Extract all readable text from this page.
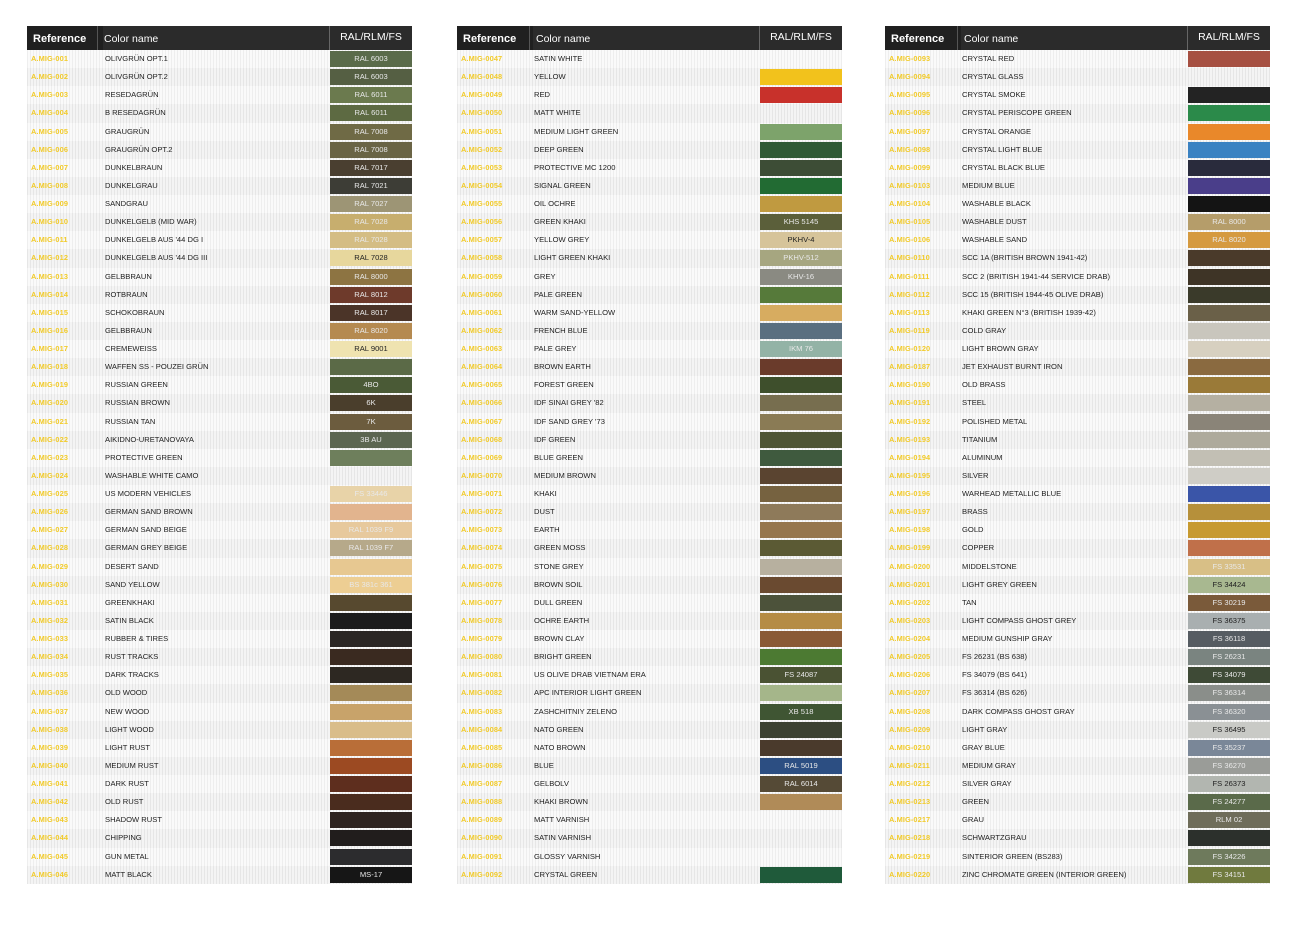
Reference	Color name	RAL/RLM/FS
A.MIG-001	OLIVGRÜN OPT.1	RAL 6003
A.MIG-002	OLIVGRÜN OPT.2	RAL 6003
A.MIG-003	RESEDAGRÜN	RAL 6011
A.MIG-004	B RESEDAGRÜN	RAL 6011
A.MIG-005	GRAUGRÜN	RAL 7008
A.MIG-006	GRAUGRÜN OPT.2	RAL 7008
A.MIG-007	DUNKELBRAUN	RAL 7017
A.MIG-008	DUNKELGRAU	RAL 7021
A.MIG-009	SANDGRAU	RAL 7027
A.MIG-010	DUNKELGELB (MID WAR)	RAL 7028
A.MIG-011	DUNKELGELB AUS '44 DG I	RAL 7028
A.MIG-012	DUNKELGELB AUS '44 DG III	RAL 7028
A.MIG-013	GELBBRAUN	RAL 8000
A.MIG-014	ROTBRAUN	RAL 8012
A.MIG-015	SCHOKOBRAUN	RAL 8017
A.MIG-016	GELBBRAUN	RAL 8020
A.MIG-017	CREMEWEISS	RAL 9001
A.MIG-018	WAFFEN SS - POUZEI GRÜN
A.MIG-019	RUSSIAN GREEN	4BO
A.MIG-020	RUSSIAN BROWN	6K
A.MIG-021	RUSSIAN TAN	7K
A.MIG-022	AIKIDNO-URETANOVAYA	3B AU
A.MIG-023	PROTECTIVE GREEN
A.MIG-024	WASHABLE WHITE CAMO
A.MIG-025	US MODERN VEHICLES	FS 33446
A.MIG-026	GERMAN SAND BROWN
A.MIG-027	GERMAN SAND BEIGE	RAL 1039 F9
A.MIG-028	GERMAN GREY BEIGE	RAL 1039 F7
A.MIG-029	DESERT SAND
A.MIG-030	SAND YELLOW	BS 381c 361
A.MIG-031	GREENKHAKI
A.MIG-032	SATIN BLACK
A.MIG-033	RUBBER & TIRES
A.MIG-034	RUST TRACKS
A.MIG-035	DARK TRACKS
A.MIG-036	OLD WOOD
A.MIG-037	NEW WOOD
A.MIG-038	LIGHT WOOD
A.MIG-039	LIGHT RUST
A.MIG-040	MEDIUM RUST
A.MIG-041	DARK RUST
A.MIG-042	OLD RUST
A.MIG-043	SHADOW RUST
A.MIG-044	CHIPPING
A.MIG-045	GUN METAL
A.MIG-046	MATT BLACK	MS-17
Reference	Color name	RAL/RLM/FS
A.MIG-0047	SATIN WHITE
A.MIG-0048	YELLOW
A.MIG-0049	RED
A.MIG-0050	MATT WHITE
A.MIG-0051	MEDIUM LIGHT GREEN
A.MIG-0052	DEEP GREEN
A.MIG-0053	PROTECTIVE MC 1200
A.MIG-0054	SIGNAL GREEN
A.MIG-0055	OIL OCHRE
A.MIG-0056	GREEN KHAKI	KHS 5145
A.MIG-0057	YELLOW GREY	PKHV-4
A.MIG-0058	LIGHT GREEN KHAKI	PKHV-512
A.MIG-0059	GREY	KHV-16
A.MIG-0060	PALE GREEN
A.MIG-0061	WARM SAND-YELLOW
A.MIG-0062	FRENCH BLUE
A.MIG-0063	PALE GREY	IKM 76
A.MIG-0064	BROWN EARTH
A.MIG-0065	FOREST GREEN
A.MIG-0066	IDF SINAI GREY '82
A.MIG-0067	IDF SAND GREY '73
A.MIG-0068	IDF GREEN
A.MIG-0069	BLUE GREEN
A.MIG-0070	MEDIUM BROWN
A.MIG-0071	KHAKI
A.MIG-0072	DUST
A.MIG-0073	EARTH
A.MIG-0074	GREEN MOSS
A.MIG-0075	STONE GREY
A.MIG-0076	BROWN SOIL
A.MIG-0077	DULL GREEN
A.MIG-0078	OCHRE EARTH
A.MIG-0079	BROWN CLAY
A.MIG-0080	BRIGHT GREEN
A.MIG-0081	US OLIVE DRAB VIETNAM ERA	FS 24087
A.MIG-0082	APC INTERIOR LIGHT GREEN
A.MIG-0083	ZASHCHITNIY ZELENO	XB 518
A.MIG-0084	NATO GREEN
A.MIG-0085	NATO BROWN
A.MIG-0086	BLUE	RAL 5019
A.MIG-0087	GELBOLV	RAL 6014
A.MIG-0088	KHAKI BROWN
A.MIG-0089	MATT VARNISH
A.MIG-0090	SATIN VARNISH
A.MIG-0091	GLOSSY VARNISH
A.MIG-0092	CRYSTAL GREEN
Reference	Color name	RAL/RLM/FS
A.MIG-0093	CRYSTAL RED
A.MIG-0094	CRYSTAL GLASS
A.MIG-0095	CRYSTAL SMOKE
A.MIG-0096	CRYSTAL PERISCOPE GREEN
A.MIG-0097	CRYSTAL ORANGE
A.MIG-0098	CRYSTAL LIGHT BLUE
A.MIG-0099	CRYSTAL BLACK BLUE
A.MIG-0103	MEDIUM BLUE
A.MIG-0104	WASHABLE BLACK
A.MIG-0105	WASHABLE DUST	RAL 8000
A.MIG-0106	WASHABLE SAND	RAL 8020
A.MIG-0110	SCC 1A (BRITISH BROWN 1941-42)
A.MIG-0111	SCC 2 (BRITISH 1941-44 SERVICE DRAB)
A.MIG-0112	SCC 15 (BRITISH 1944-45 OLIVE DRAB)
A.MIG-0113	KHAKI GREEN N°3 (BRITISH 1939-42)
A.MIG-0119	COLD GRAY
A.MIG-0120	LIGHT BROWN GRAY
A.MIG-0187	JET EXHAUST BURNT IRON
A.MIG-0190	OLD BRASS
A.MIG-0191	STEEL
A.MIG-0192	POLISHED METAL
A.MIG-0193	TITANIUM
A.MIG-0194	ALUMINUM
A.MIG-0195	SILVER
A.MIG-0196	WARHEAD METALLIC BLUE
A.MIG-0197	BRASS
A.MIG-0198	GOLD
A.MIG-0199	COPPER
A.MIG-0200	MIDDELSTONE	FS 33531
A.MIG-0201	LIGHT GREY GREEN	FS 34424
A.MIG-0202	TAN	FS 30219
A.MIG-0203	LIGHT COMPASS GHOST GREY	FS 36375
A.MIG-0204	MEDIUM GUNSHIP GRAY	FS 36118
A.MIG-0205	FS 26231 (BS 638)	FS 26231
A.MIG-0206	FS 34079 (BS 641)	FS 34079
A.MIG-0207	FS 36314 (BS 626)	FS 36314
A.MIG-0208	DARK COMPASS GHOST GRAY	FS 36320
A.MIG-0209	LIGHT GRAY	FS 36495
A.MIG-0210	GRAY BLUE	FS 35237
A.MIG-0211	MEDIUM GRAY	FS 36270
A.MIG-0212	SILVER GRAY	FS 26373
A.MIG-0213	GREEN	FS 24277
A.MIG-0217	GRAU	RLM 02
A.MIG-0218	SCHWARTZGRAU
A.MIG-0219	SINTERIOR GREEN (BS283)	FS 34226
A.MIG-0220	ZINC CHROMATE GREEN (INTERIOR GREEN)	FS 34151
